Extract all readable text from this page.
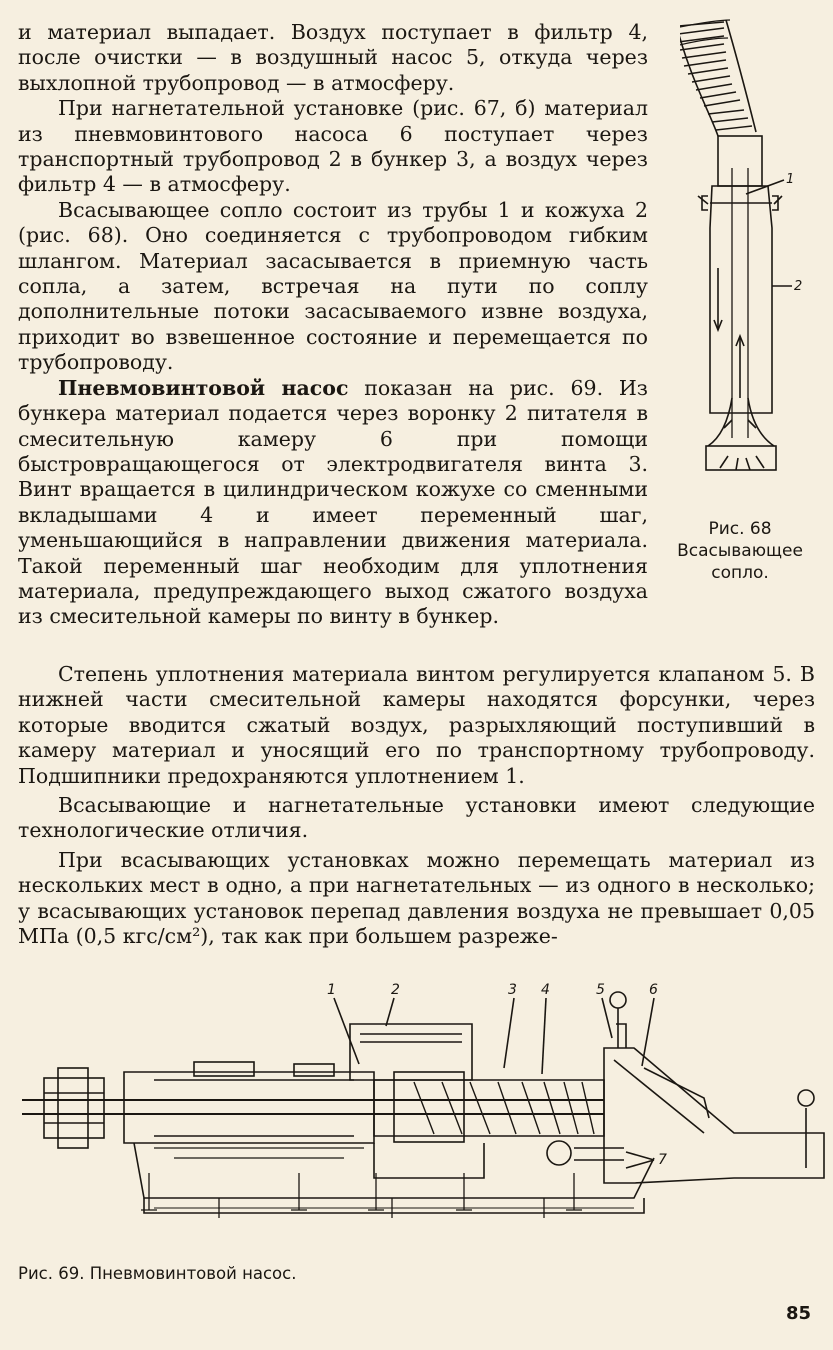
и материал выпадает. Воздух поступает в фильтр 4, после очистки — в воздушный насос 5, откуда через выхлопной трубопровод — в атмосферу.

При нагнетательной установке (рис. 67, б) материал из пневмовинтового насоса 6 поступает через транспортный трубопровод 2 в бункер 3, а воздух через фильтр 4 — в атмосферу.

Всасывающее сопло состоит из трубы 1 и кожуха 2 (рис. 68). Оно соединяется с трубопроводом гибким шлангом. Материал засасывается в приемную часть сопла, а затем, встречая на пути по соплу дополнительные потоки засасываемого извне воздуха, приходит во взвешенное состояние и перемещается по трубопроводу.

Пневмовинтовой насос показан на рис. 69. Из бункера материал подается через воронку 2 питателя в смесительную камеру 6 при помощи быстровращающегося от электродвигателя винта 3. Винт вращается в цилиндрическом кожухе со сменными вкладышами 4 и имеет переменный шаг, уменьшающийся в направлении движения материала. Такой переменный шаг необходим для уплотнения материала, предупреждающего выход сжатого воздуха из смесительной камеры по винту в бункер.

1
2
Рис. 68
Всасывающее
сопло.

Степень уплотнения материала винтом регулируется клапаном 5. В нижней части смесительной камеры находятся форсунки, через которые вводится сжатый воздух, разрыхляющий поступивший в камеру материал и уносящий его по транспортному трубопроводу. Подшипники предохраняются уплотнением 1.

Всасывающие и нагнетательные установки имеют следующие технологические отличия.

При всасывающих установках можно перемещать материал из нескольких мест в одно, а при нагнетательных — из одного в несколько; у всасывающих установок перепад давления воздуха не превышает 0,05 МПа (0,5 кгс/см²), так как при большем разреже-

1	2	3 4	5	6
7
Рис. 69. Пневмовинтовой насос.
85
